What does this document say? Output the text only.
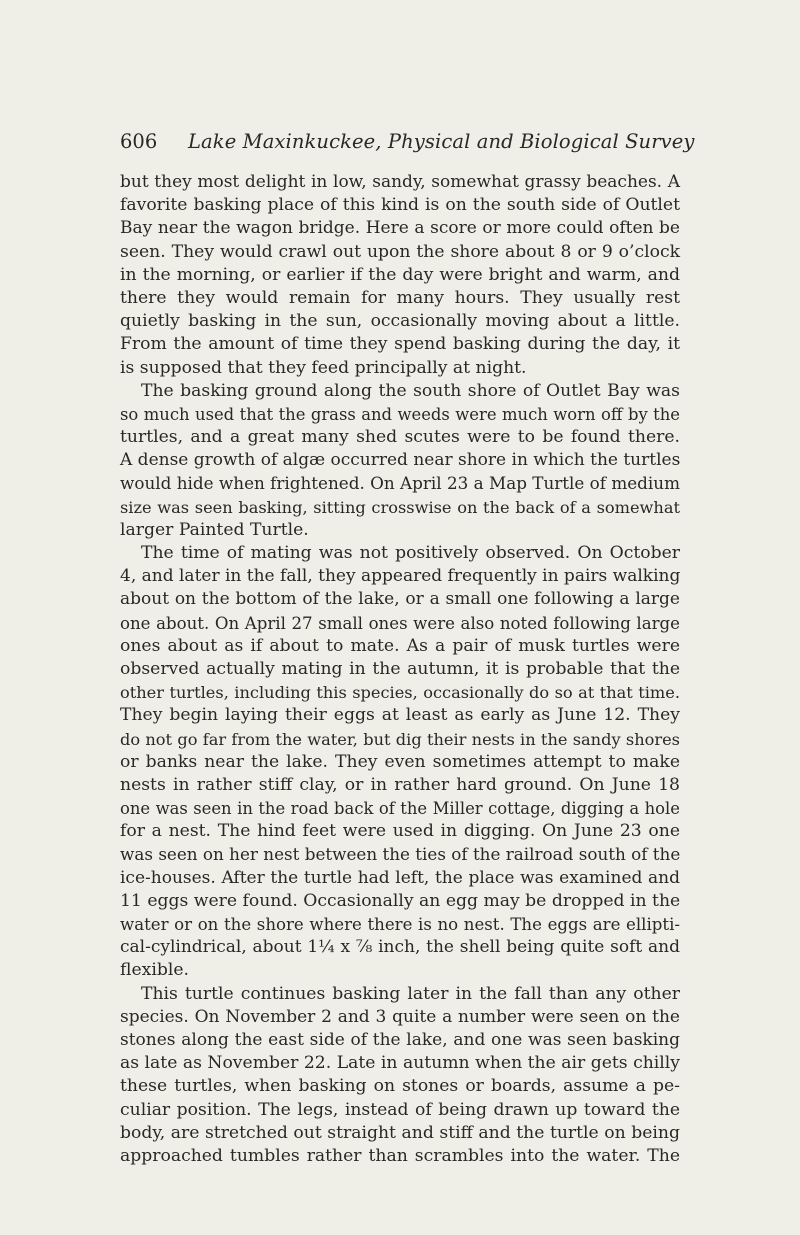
606 Lake Maxinkuckee, Physical and Biological Survey
but they most delight in low, sandy, somewhat grassy beaches. A
favorite basking place of this kind is on the south side of Outlet
Bay near the wagon bridge. Here a score or more could often be
seen. They would crawl out upon the shore about 8 or 9 o’clock
in the morning, or earlier if the day were bright and warm, and
there they would remain for many hours. They usually rest
quietly basking in the sun, occasionally moving about a little.
From the amount of time they spend basking during the day, it
is supposed that they feed principally at night.
The basking ground along the south shore of Outlet Bay was
so much used that the grass and weeds were much worn off by the
turtles, and a great many shed scutes were to be found there.
A dense growth of algæ occurred near shore in which the turtles
would hide when frightened. On April 23 a Map Turtle of medium
size was seen basking, sitting crosswise on the back of a somewhat
larger Painted Turtle.
The time of mating was not positively observed. On October
4, and later in the fall, they appeared frequently in pairs walking
about on the bottom of the lake, or a small one following a large
one about. On April 27 small ones were also noted following large
ones about as if about to mate. As a pair of musk turtles were
observed actually mating in the autumn, it is probable that the
other turtles, including this species, occasionally do so at that time.
They begin laying their eggs at least as early as June 12. They
do not go far from the water, but dig their nests in the sandy shores
or banks near the lake. They even sometimes attempt to make
nests in rather stiff clay, or in rather hard ground. On June 18
one was seen in the road back of the Miller cottage, digging a hole
for a nest. The hind feet were used in digging. On June 23 one
was seen on her nest between the ties of the railroad south of the
ice-houses. After the turtle had left, the place was examined and
11 eggs were found. Occasionally an egg may be dropped in the
water or on the shore where there is no nest. The eggs are ellipti-
cal-cylindrical, about 1¼ x ⅞ inch, the shell being quite soft and
flexible.
This turtle continues basking later in the fall than any other
species. On November 2 and 3 quite a number were seen on the
stones along the east side of the lake, and one was seen basking
as late as November 22. Late in autumn when the air gets chilly
these turtles, when basking on stones or boards, assume a pe-
culiar position. The legs, instead of being drawn up toward the
body, are stretched out straight and stiff and the turtle on being
approached tumbles rather than scrambles into the water. The
